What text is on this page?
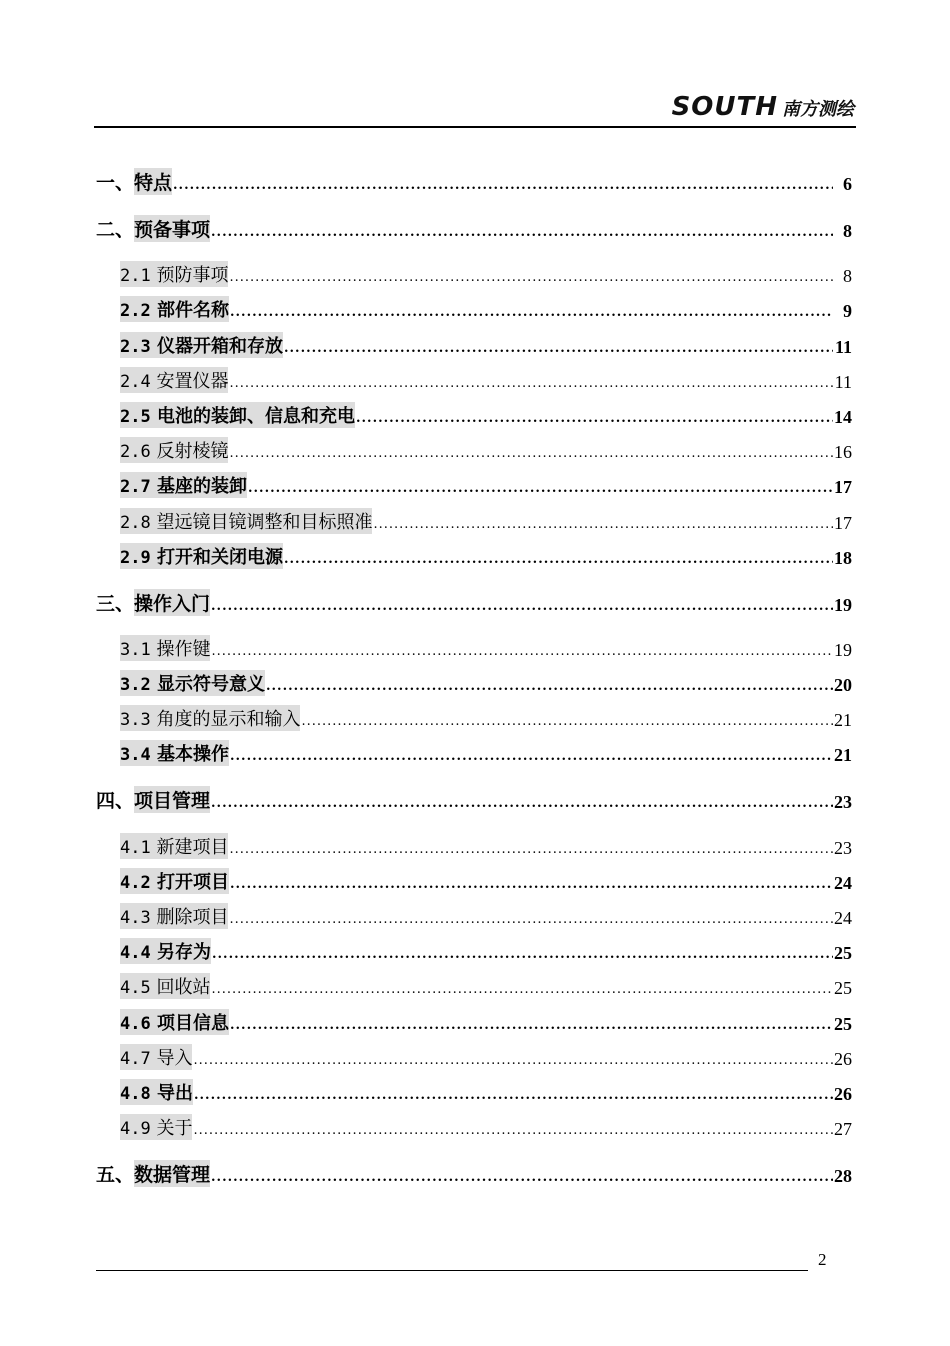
SOUTH 南方测绘
一、 特点 .....	6
二、 预备事项 .....	8
2.1 预防事项 .....	8
2.2 部件名称 .....	9
2.3 仪器开箱和存放 .....	11
2.4 安置仪器 .....	11
2.5 电池的装卸、信息和充电 .....	14
2.6 反射棱镜 .....	16
2.7 基座的装卸 .....	17
2.8 望远镜目镜调整和目标照准 .....	17
2.9 打开和关闭电源 .....	18
三、 操作入门 .....	19
3.1 操作键 .....	19
3.2 显示符号意义 .....	20
3.3 角度的显示和输入 .....	21
3.4 基本操作 .....	21
四、 项目管理 .....	23
4.1 新建项目 .....	23
4.2 打开项目 .....	24
4.3 删除项目 .....	24
4.4 另存为 .....	25
4.5 回收站 .....	25
4.6 项目信息 .....	25
4.7 导入 .....	26
4.8 导出 .....	26
4.9 关于 .....	27
五、 数据管理 .....	28
2
